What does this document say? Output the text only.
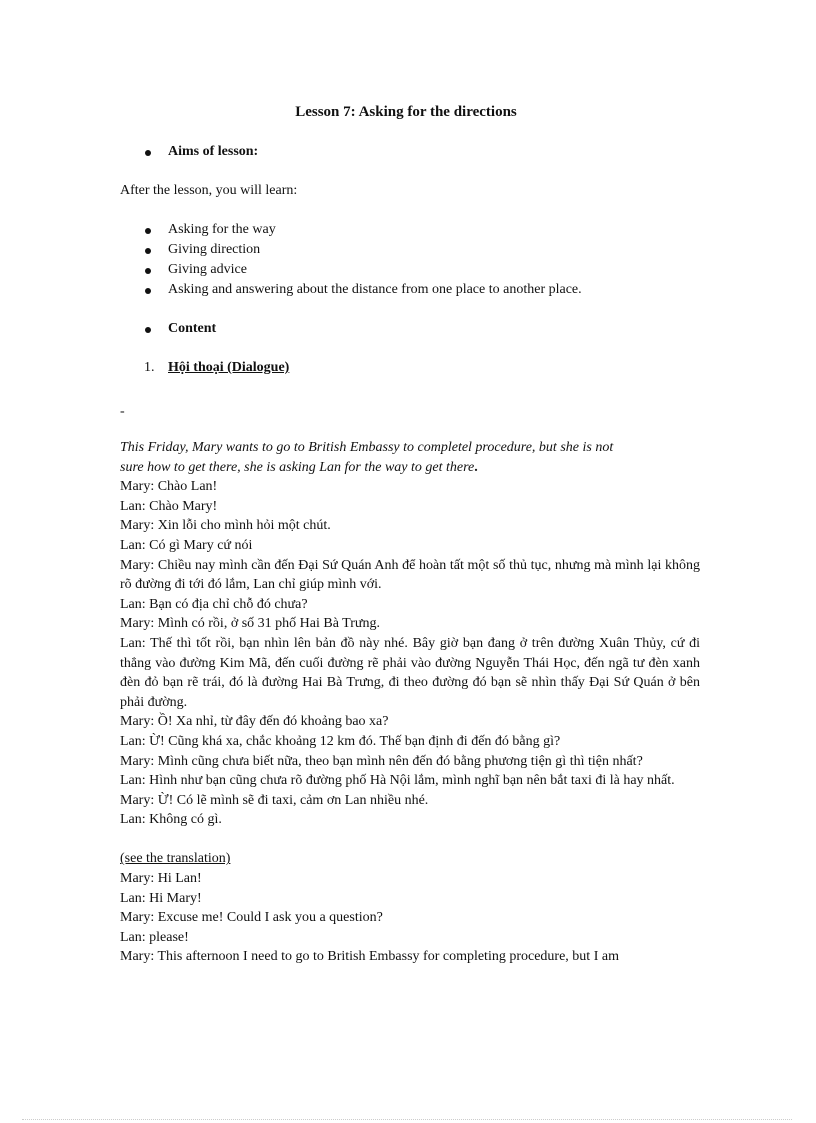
Lesson 7: Asking for the directions
Aims of lesson:
After the lesson, you will learn:
Asking for the way
Giving direction
Giving advice
Asking and answering about the distance from one place to another place.
Content
1. Hội thoại (Dialogue)
-
This Friday, Mary wants to go to British Embassy to completel procedure, but she is not
sure how to get there, she is asking Lan for the way to get there.
Mary: Chào Lan!
Lan: Chào Mary!
Mary: Xin lỗi cho mình hỏi một chút.
Lan: Có gì Mary cứ nói
Mary: Chiều nay mình cần đến Đại Sứ Quán Anh để hoàn tất một số thủ tục, nhưng mà mình lại không rõ đường đi tới đó lắm, Lan chỉ giúp mình với.
Lan: Bạn có địa chỉ chỗ đó chưa?
Mary: Mình có rồi, ở số 31 phố Hai Bà Trưng.
Lan: Thế thì tốt rồi, bạn nhìn lên bản đồ này nhé. Bây giờ bạn đang ở trên đường Xuân Thủy, cứ đi thẳng vào đường Kim Mã, đến cuối đường rẽ phải vào đường Nguyễn Thái Học, đến ngã tư đèn xanh đèn đỏ bạn rẽ trái, đó là đường Hai Bà Trưng, đi theo đường đó bạn sẽ nhìn thấy Đại Sứ Quán ở bên phải đường.
Mary: Ồ! Xa nhỉ, từ đây đến đó khoảng bao xa?
Lan: Ừ! Cũng khá xa, chắc khoảng 12 km đó. Thế bạn định đi đến đó bằng gì?
Mary: Mình cũng chưa biết nữa, theo bạn mình nên đến đó bằng phương tiện gì thì tiện nhất?
Lan: Hình như bạn cũng chưa rõ đường phố Hà Nội lắm, mình nghĩ bạn nên bắt taxi đi là hay nhất.
Mary: Ừ! Có lẽ mình sẽ đi taxi, cảm ơn Lan nhiều nhé.
Lan: Không có gì.
(see the translation)
Mary: Hi Lan!
Lan: Hi Mary!
Mary: Excuse me! Could I ask you a question?
Lan: please!
Mary: This afternoon I need to go to British Embassy for completing procedure, but I am
